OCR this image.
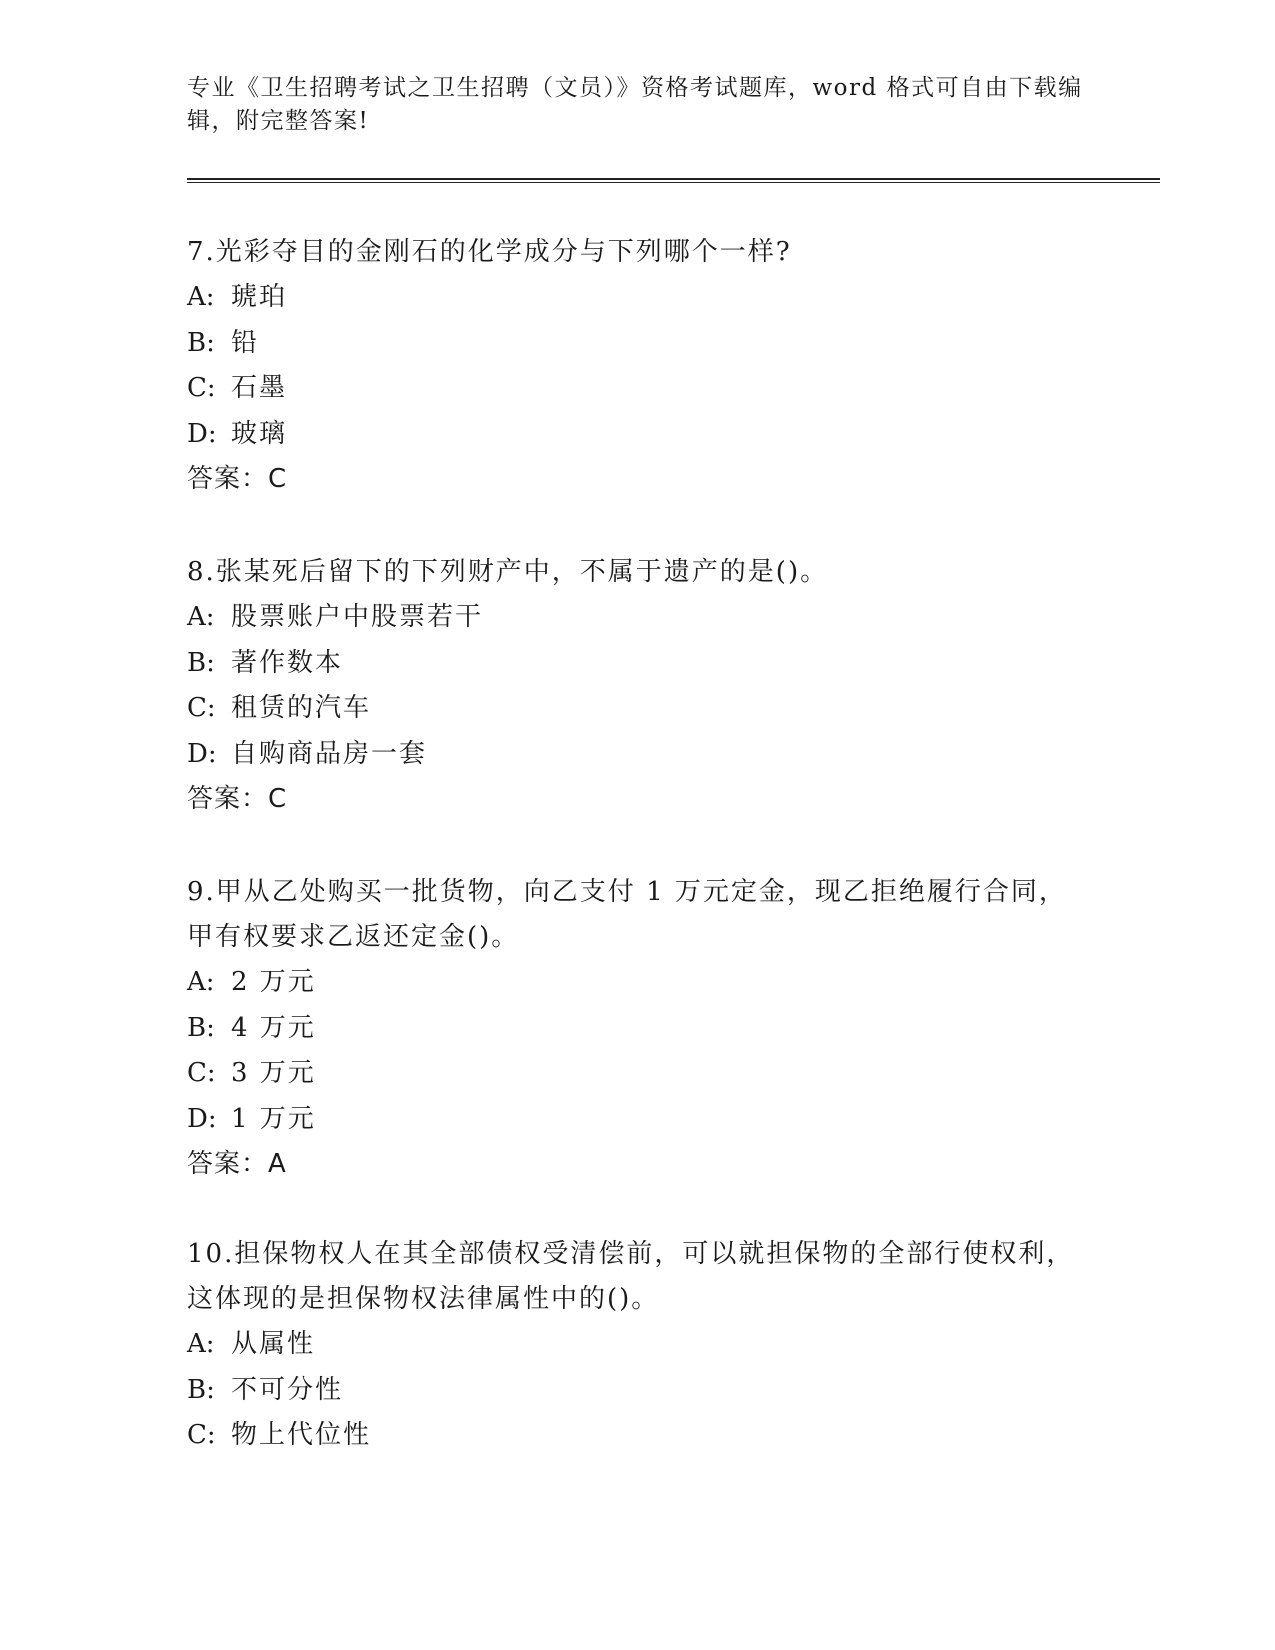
专业《卫生招聘考试之卫生招聘（文员）》资格考试题库，word 格式可自由下载编辑，附完整答案!

7.光彩夺目的金刚石的化学成分与下列哪个一样?

A: 琥珀

B: 铅

C: 石墨

D: 玻璃

答案：C

8.张某死后留下的下列财产中，不属于遗产的是()。

A: 股票账户中股票若干

B: 著作数本

C: 租赁的汽车

D: 自购商品房一套

答案：C

9.甲从乙处购买一批货物，向乙支付 1 万元定金，现乙拒绝履行合同，甲有权要求乙返还定金()。

A: 2 万元

B: 4 万元

C: 3 万元

D: 1 万元

答案：A

10.担保物权人在其全部债权受清偿前，可以就担保物的全部行使权利，这体现的是担保物权法律属性中的()。

A: 从属性

B: 不可分性

C: 物上代位性
